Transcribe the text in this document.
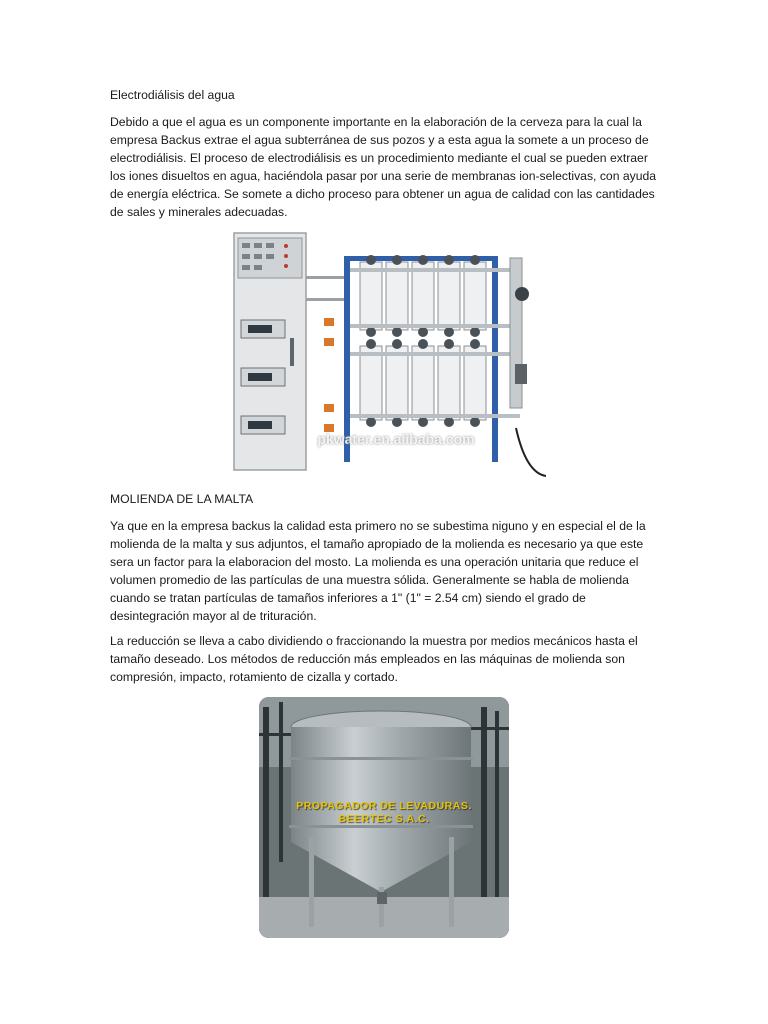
Electrodiálisis del agua

Debido a que el agua es un componente importante en la elaboración de la cerveza para la cual la empresa Backus extrae el agua subterránea de sus pozos y a esta agua la somete a un proceso de electrodiálisis. El proceso de electrodiálisis es un procedimiento mediante el cual se pueden extraer los iones disueltos en agua, haciéndola pasar por una serie de membranas ion-selectivas, con ayuda de energía eléctrica. Se somete a dicho proceso para obtener un agua de calidad con las cantidades de sales y minerales adecuadas.

pkwater.en.alibaba.com

MOLIENDA DE LA MALTA

Ya que en la empresa backus la calidad esta primero no se subestima niguno y en especial el de la molienda de la malta y sus adjuntos, el tamaño apropiado de la molienda es necesario ya que este sera un factor para la elaboracion del mosto. La molienda es una operación unitaria que reduce el volumen promedio de las partículas de una muestra sólida. Generalmente se habla de molienda cuando se tratan partículas de tamaños inferiores a 1" (1" = 2.54 cm) siendo el grado de desintegración mayor al de trituración.

La reducción se lleva a cabo dividiendo o fraccionando la muestra por medios mecánicos hasta el tamaño deseado. Los métodos de reducción más empleados en las máquinas de molienda son compresión, impacto, rotamiento de cizalla y cortado.

PROPAGADOR DE LEVADURAS.
BEERTEC S.A.C.
